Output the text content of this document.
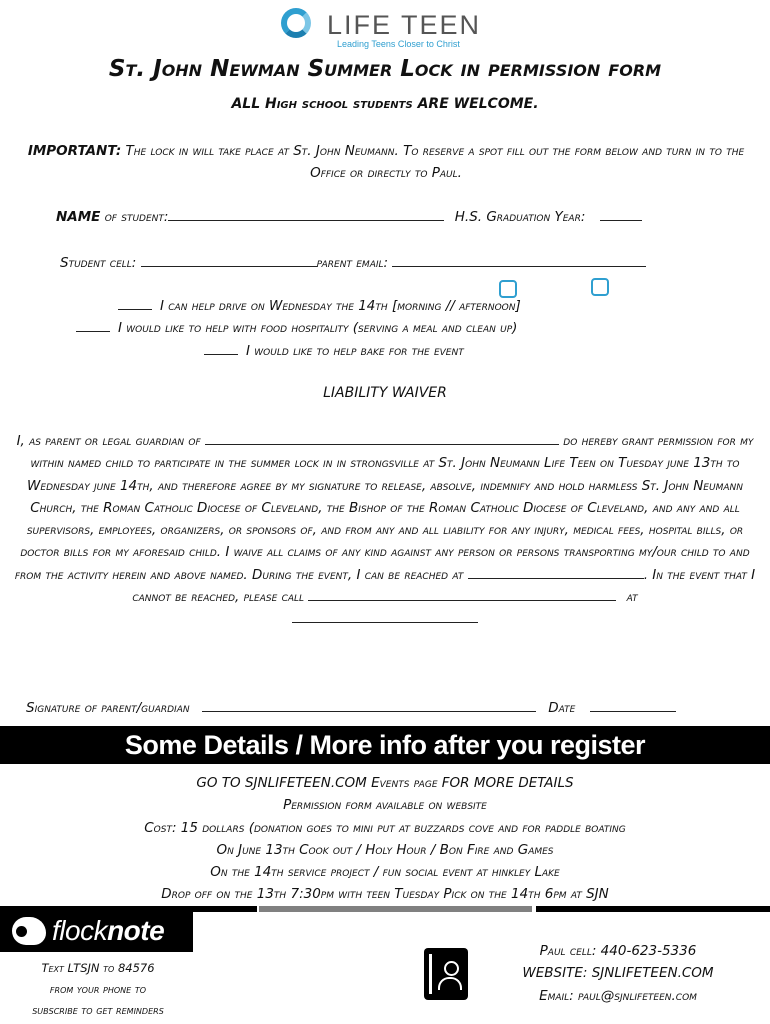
LIFE TEEN
Leading Teens Closer to Christ
St. John Newman Summer Lock in permission form
ALL High school students ARE WELCOME.
IMPORTANT: The lock in will take place at St. John Neumann. To reserve a spot fill out the form below and turn in to the Office or directly to Paul.
NAME of student:	H.S. Graduation Year:
Student cell:	parent email:
I can help drive on Wednesday the 14th [morning // afternoon]
I would like to help with food hospitality (serving a meal and clean up)
I would like to help bake for the event
LIABILITY WAIVER
I, as parent or legal guardian of	do hereby grant permission for my within named child to participate in the summer lock in in strongsville at St. John Neumann Life Teen on Tuesday june 13th to Wednesday june 14th, and therefore agree by my signature to release, absolve, indemnify and hold harmless St. John Neumann Church, the Roman Catholic Diocese of Cleveland, the Bishop of the Roman Catholic Diocese of Cleveland, and any and all supervisors, employees, organizers, or sponsors of, and from any and all liability for any injury, medical fees, hospital bills, or doctor bills for my aforesaid child. I waive all claims of any kind against any person or persons transporting my/our child to and from the activity herein and above named. During the event, I can be reached at	. In the event that I cannot be reached, please call	at

Signature of parent/guardian	Date
Some Details / More info after you register
GO TO SJNLIFETEEN.COM Events page FOR MORE DETAILS
Permission form available on website
Cost: 15 dollars (donation goes to mini put at buzzards cove and for paddle boating
On June 13th Cook out / Holy Hour / Bon Fire and Games
On the 14th service project / fun social event at hinkley Lake
Drop off on the 13th 7:30pm with teen Tuesday Pick on the 14th 6pm at SJN
flocknote
Text LTSJN to 84576
from your phone to
subscribe to get reminders
Paul cell: 440-623-5336
WEBSITE: SJNLIFETEEN.COM
Email: paul@sjnlifeteen.com
